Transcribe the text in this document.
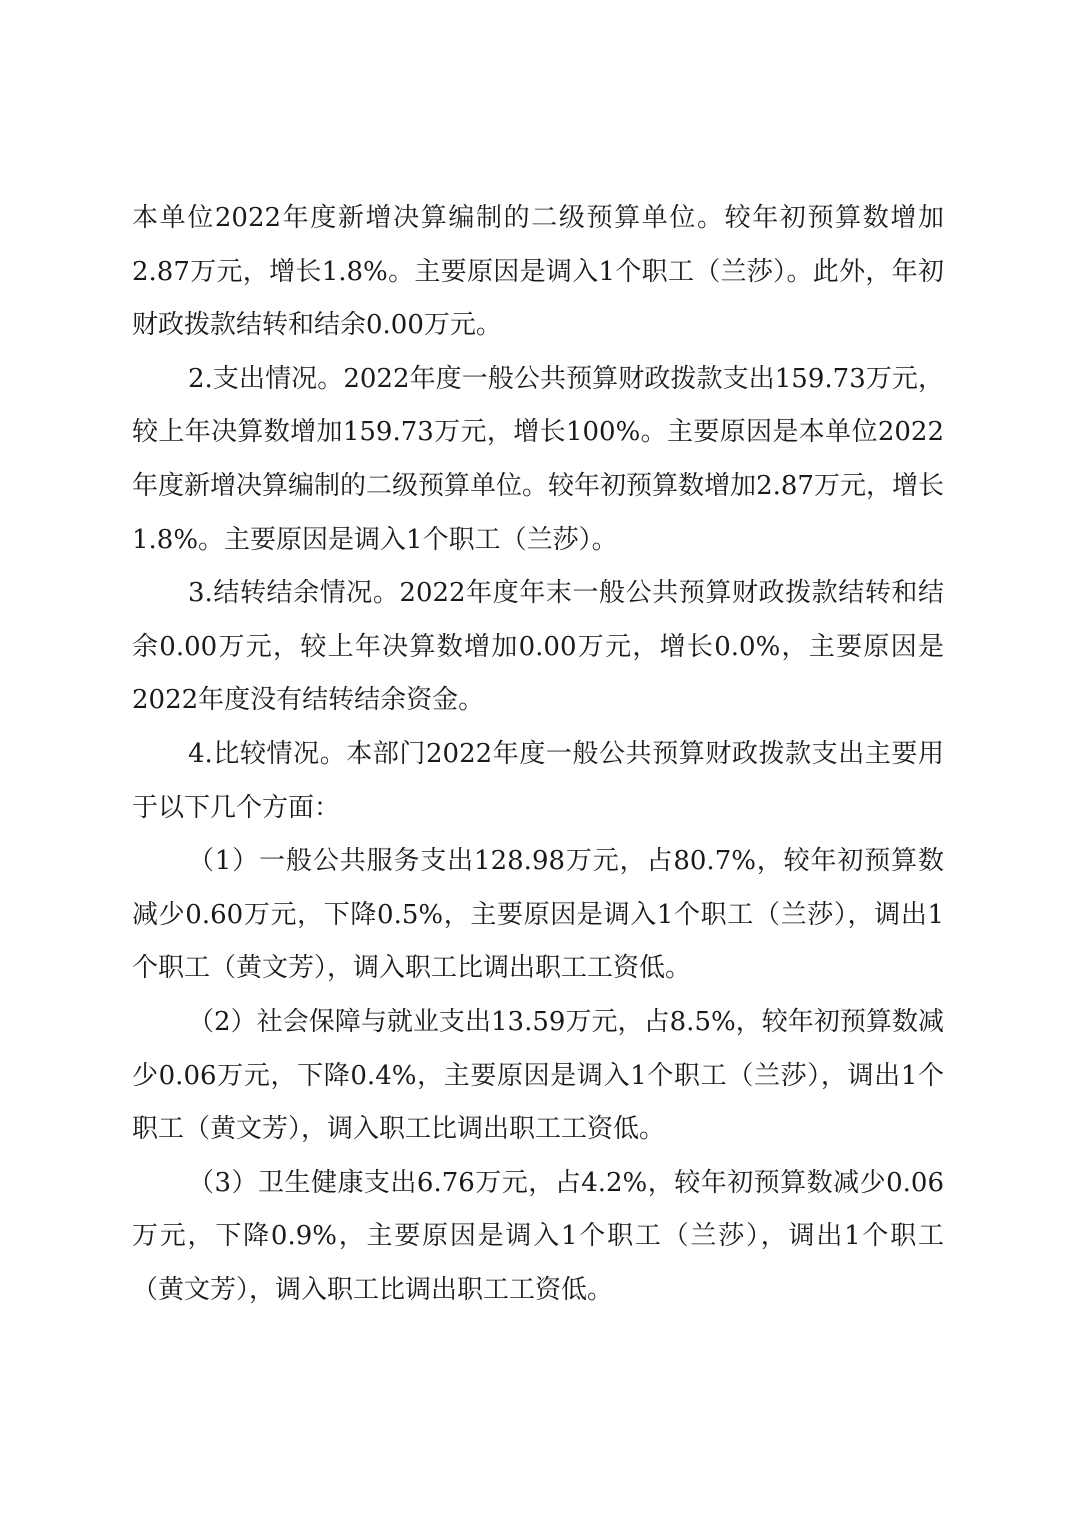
本单位2022年度新增决算编制的二级预算单位。较年初预算数增加2.87万元，增长1.8%。主要原因是调入1个职工（兰莎）。此外，年初财政拨款结转和结余0.00万元。

2.支出情况。2022年度一般公共预算财政拨款支出159.73万元，较上年决算数增加159.73万元，增长100%。主要原因是本单位2022年度新增决算编制的二级预算单位。较年初预算数增加2.87万元，增长1.8%。主要原因是调入1个职工（兰莎）。

3.结转结余情况。2022年度年末一般公共预算财政拨款结转和结余0.00万元，较上年决算数增加0.00万元，增长0.0%，主要原因是2022年度没有结转结余资金。

4.比较情况。本部门2022年度一般公共预算财政拨款支出主要用于以下几个方面：

（1）一般公共服务支出128.98万元，占80.7%，较年初预算数减少0.60万元，下降0.5%，主要原因是调入1个职工（兰莎），调出1个职工（黄文芳），调入职工比调出职工工资低。

（2）社会保障与就业支出13.59万元，占8.5%，较年初预算数减少0.06万元，下降0.4%，主要原因是调入1个职工（兰莎），调出1个职工（黄文芳），调入职工比调出职工工资低。

（3）卫生健康支出6.76万元，占4.2%，较年初预算数减少0.06万元，下降0.9%，主要原因是调入1个职工（兰莎），调出1个职工（黄文芳），调入职工比调出职工工资低。
